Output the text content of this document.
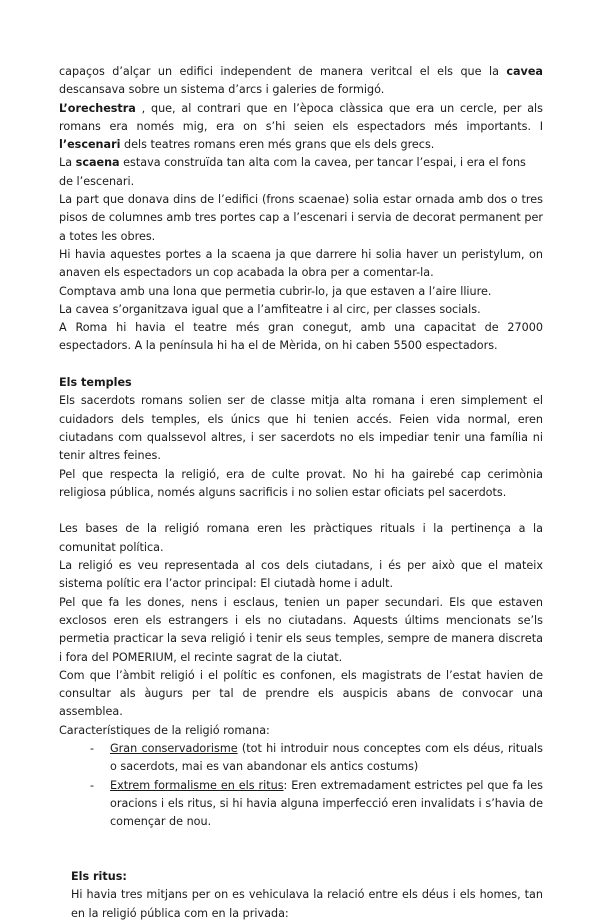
capaços d’alçar un edifici independent de manera veritcal el els que la cavea descansava sobre un sistema d’arcs i galeries de formigó.

L’orechestra , que, al contrari que en l’època clàssica que era un cercle, per als romans era només mig, era on s’hi seien els espectadors més importants. I l’escenari dels teatres romans eren més grans que els dels grecs.

La scaena estava construïda tan alta com la cavea, per tancar l’espai, i era el fons de l’escenari.

La part que donava dins de l’edifici (frons scaenae) solia estar ornada amb dos o tres pisos de columnes amb tres portes cap a l’escenari i servia de decorat permanent per a totes les obres.

Hi havia aquestes portes a la scaena ja que darrere hi solia haver un peristylum, on anaven els espectadors un cop acabada la obra per a comentar-la.

Comptava amb una lona que permetia cubrir-lo, ja que estaven a l’aire lliure.

La cavea s’organitzava igual que a l’amfiteatre i al circ, per classes socials.

A Roma hi havia el teatre més gran conegut, amb una capacitat de 27000 espectadors. A la península hi ha el de Mèrida, on hi caben 5500 espectadors.

Els temples

Els sacerdots romans solien ser de classe mitja alta romana i eren simplement el cuidadors dels temples, els únics que hi tenien accés. Feien vida normal, eren ciutadans com qualssevol altres, i ser sacerdots no els impediar tenir una família ni tenir altres feines.

Pel que respecta la religió, era de culte provat. No hi ha gairebé cap cerimònia religiosa pública, només alguns sacrificis i no solien estar oficiats pel sacerdots.

Les bases de la religió romana eren les pràctiques rituals i la pertinença a la comunitat política.

La religió es veu representada al cos dels ciutadans, i és per això que el mateix sistema polític era l’actor principal: El ciutadà home i adult.

Pel que fa les dones, nens i esclaus, tenien un paper secundari. Els que estaven exclosos eren els estrangers i els no ciutadans. Aquests últims mencionats se’ls permetia practicar la seva religió i tenir els seus temples, sempre de manera discreta i fora del POMERIUM, el recinte sagrat de la ciutat.

Com que l’àmbit religió i el polític es confonen, els magistrats de l’estat havien de consultar als àugurs per tal de prendre els auspicis abans de convocar una assemblea.

Característiques de la religió romana:

- Gran conservadorisme (tot hi introduir nous conceptes com els déus, rituals o sacerdots, mai es van abandonar els antics costums)
- Extrem formalisme en els ritus: Eren extremadament estrictes pel que fa les oracions i els ritus, si hi havia alguna imperfecció eren invalidats i s’havia de començar de nou.

Els ritus:

Hi havia tres mitjans per on es vehiculava la relació entre els déus i els homes, tan en la religió pública com en la privada:
